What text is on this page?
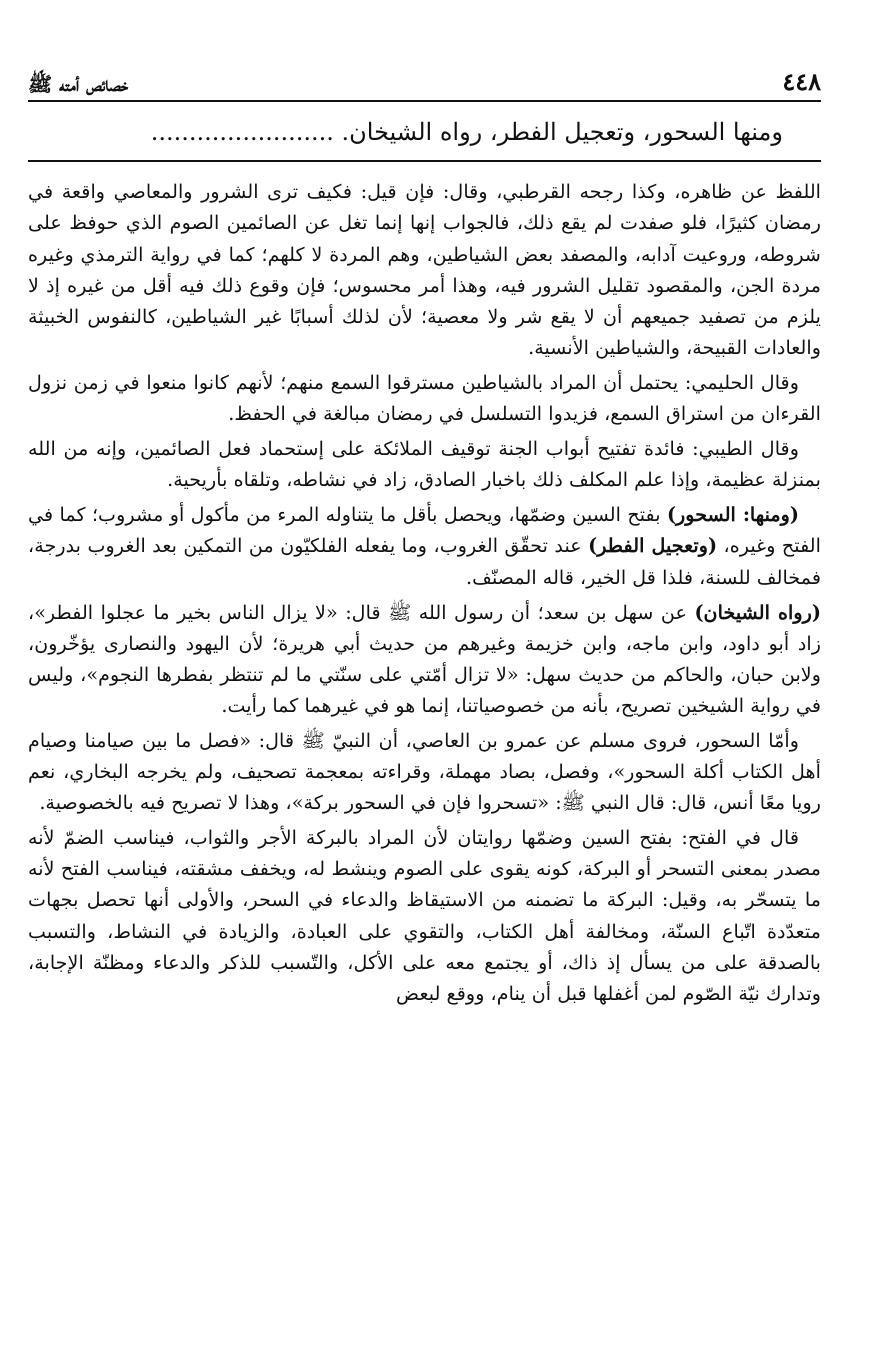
٤٤٨
خصائص أمته ﷺ
ومنها السحور، وتعجيل الفطر، رواه الشيخان. ........................

اللفظ عن ظاهره، وكذا رجحه القرطبي، وقال: فإن قيل: فكيف ترى الشرور والمعاصي واقعة في رمضان كثيرًا، فلو صفدت لم يقع ذلك، فالجواب إنها إنما تغل عن الصائمين الصوم الذي حوفظ على شروطه، وروعيت آدابه، والمصفد بعض الشياطين، وهم المردة لا كلهم؛ كما في رواية الترمذي وغيره مردة الجن، والمقصود تقليل الشرور فيه، وهذا أمر محسوس؛ فإن وقوع ذلك فيه أقل من غيره إذ لا يلزم من تصفيد جميعهم أن لا يقع شر ولا معصية؛ لأن لذلك أسبابًا غير الشياطين، كالنفوس الخبيثة والعادات القبيحة، والشياطين الأنسية.

وقال الحليمي: يحتمل أن المراد بالشياطين مسترقوا السمع منهم؛ لأنهم كانوا منعوا في زمن نزول القرءان من استراق السمع، فزيدوا التسلسل في رمضان مبالغة في الحفظ.

وقال الطيبي: فائدة تفتيح أبواب الجنة توقيف الملائكة على إستحماد فعل الصائمين، وإنه من الله بمنزلة عظيمة، وإذا علم المكلف ذلك باخبار الصادق، زاد في نشاطه، وتلقاه بأريحية.

(ومنها: السحور) بفتح السين وضمّها، ويحصل بأقل ما يتناوله المرء من مأكول أو مشروب؛ كما في الفتح وغيره، (وتعجيل الفطر) عند تحقّق الغروب، وما يفعله الفلكيّون من التمكين بعد الغروب بدرجة، فمخالف للسنة، فلذا قل الخير، قاله المصنّف.

(رواه الشيخان) عن سهل بن سعد؛ أن رسول الله ﷺ قال: «لا يزال الناس بخير ما عجلوا الفطر»، زاد أبو داود، وابن ماجه، وابن خزيمة وغيرهم من حديث أبي هريرة؛ لأن اليهود والنصارى يؤخّرون، ولابن حبان، والحاكم من حديث سهل: «لا تزال أمّتي على سنّتي ما لم تنتظر بفطرها النجوم»، وليس في رواية الشيخين تصريح، بأنه من خصوصياتنا، إنما هو في غيرهما كما رأيت.

وأمّا السحور، فروى مسلم عن عمرو بن العاصي، أن النبيّ ﷺ قال: «فصل ما بين صيامنا وصيام أهل الكتاب أكلة السحور»، وفصل، بصاد مهملة، وقراءته بمعجمة تصحيف، ولم يخرجه البخاري، نعم رويا معًا أنس، قال: قال النبي ﷺ: «تسحروا فإن في السحور بركة»، وهذا لا تصريح فيه بالخصوصية.

قال في الفتح: بفتح السين وضمّها روايتان لأن المراد بالبركة الأجر والثواب، فيناسب الضمّ لأنه مصدر بمعنى التسحر أو البركة، كونه يقوى على الصوم وينشط له، ويخفف مشقته، فيناسب الفتح لأنه ما يتسحّر به، وقيل: البركة ما تضمنه من الاستيقاظ والدعاء في السحر، والأولى أنها تحصل بجهات متعدّدة اتّباع السنّة، ومخالفة أهل الكتاب، والتقوي على العبادة، والزيادة في النشاط، والتسبب بالصدقة على من يسأل إذ ذاك، أو يجتمع معه على الأكل، والتّسبب للذكر والدعاء ومظنّة الإجابة، وتدارك نيّة الصّوم لمن أغفلها قبل أن ينام، ووقع لبعض
